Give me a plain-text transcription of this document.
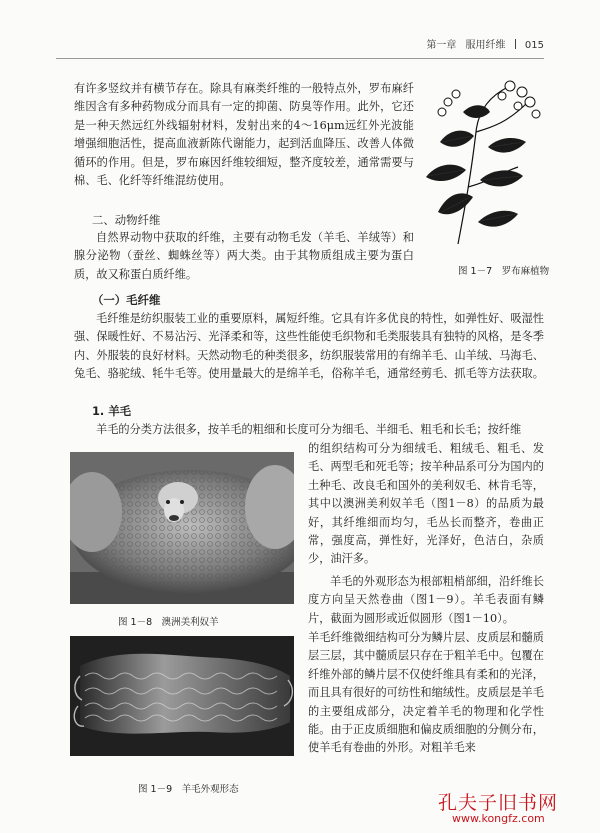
第一章 服用纤维 015
有许多竖纹并有横节存在。除具有麻类纤维的一般特点外，罗布麻纤维因含有多种药物成分而具有一定的抑菌、防臭等作用。此外，它还是一种天然远红外线辐射材料，发射出来的4～16μm远红外光波能增强细胞活性，提高血液新陈代谢能力，起到活血降压、改善人体微循环的作用。但是，罗布麻因纤维较细短，整齐度较差，通常需要与棉、毛、化纤等纤维混纺使用。
图 1－7　罗布麻植物
二、动物纤维
自然界动物中获取的纤维，主要有动物毛发（羊毛、羊绒等）和腺分泌物（蚕丝、蜘蛛丝等）两大类。由于其物质组成主要为蛋白质，故又称蛋白质纤维。
（一）毛纤维
毛纤维是纺织服装工业的重要原料，属短纤维。它具有许多优良的特性，如弹性好、吸湿性强、保暖性好、不易沾污、光泽柔和等，这些性能使毛织物和毛类服装具有独特的风格，是冬季内、外服装的良好材料。天然动物毛的种类很多，纺织服装常用的有绵羊毛、山羊绒、马海毛、兔毛、骆驼绒、牦牛毛等。使用量最大的是绵羊毛，俗称羊毛，通常经剪毛、抓毛等方法获取。
1. 羊毛
羊毛的分类方法很多，按羊毛的粗细和长度可分为细毛、半细毛、粗毛和长毛；按纤维
的组织结构可分为细绒毛、粗绒毛、粗毛、发毛、两型毛和死毛等；按羊种品系可分为国内的土种毛、改良毛和国外的美利奴毛、林肯毛等，其中以澳洲美利奴羊毛（图1－8）的品质为最好，其纤维细而均匀，毛丛长而整齐，卷曲正常，强度高，弹性好，光泽好，色洁白，杂质少，油汗多。
图 1－8　澳洲美利奴羊
羊毛的外观形态为根部粗梢部细，沿纤维长度方向呈天然卷曲（图1－9）。羊毛表面有鳞片，截面为圆形或近似圆形（图1－10）。
羊毛纤维微细结构可分为鳞片层、皮质层和髓质层三层，其中髓质层只存在于粗羊毛中。包覆在纤维外部的鳞片层不仅使纤维具有柔和的光泽，而且具有很好的可纺性和缩绒性。皮质层是羊毛的主要组成部分，决定着羊毛的物理和化学性能。由于正皮质细胞和偏皮质细胞的分侧分布，使羊毛有卷曲的外形。对粗羊毛来
图 1－9　羊毛外观形态
孔夫子旧书网
www.kongfz.com
